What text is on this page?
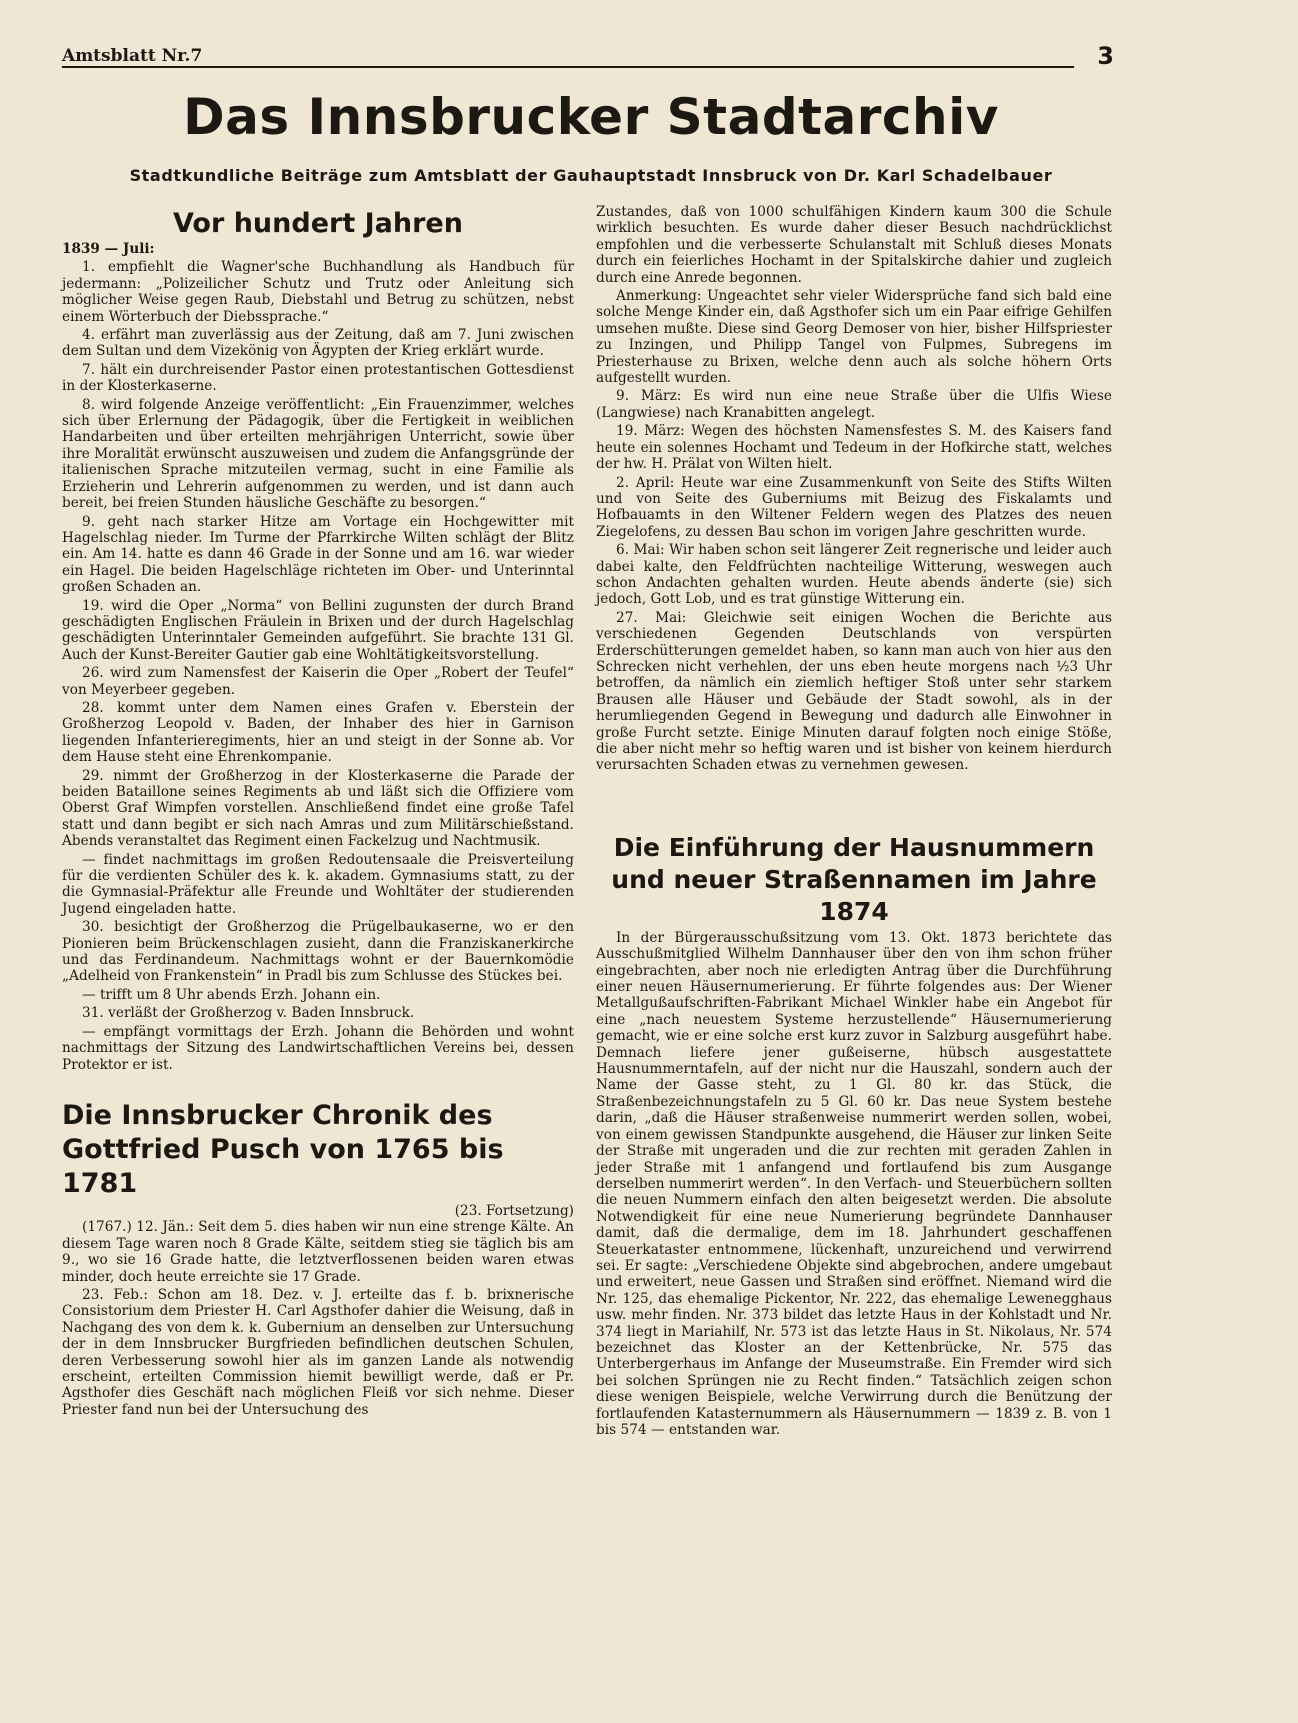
Amtsblatt Nr.7	3
Das Innsbrucker Stadtarchiv
Stadtkundliche Beiträge zum Amtsblatt der Gauhauptstadt Innsbruck von Dr. Karl Schadelbauer
Vor hundert Jahren
1839 — Juli:

1. empfiehlt die Wagner'sche Buchhandlung als Handbuch für jedermann: „Polizeilicher Schutz und Trutz oder Anleitung sich möglicher Weise gegen Raub, Diebstahl und Betrug zu schützen, nebst einem Wörterbuch der Diebssprache.“

4. erfährt man zuverlässig aus der Zeitung, daß am 7. Juni zwischen dem Sultan und dem Vizekönig von Ägypten der Krieg erklärt wurde.

7. hält ein durchreisender Pastor einen protestantischen Gottesdienst in der Klosterkaserne.

8. wird folgende Anzeige veröffentlicht: „Ein Frauenzimmer, welches sich über Erlernung der Pädagogik, über die Fertigkeit in weiblichen Handarbeiten und über erteilten mehrjährigen Unterricht, sowie über ihre Moralität erwünscht auszuweisen und zudem die Anfangsgründe der italienischen Sprache mitzuteilen vermag, sucht in eine Familie als Erzieherin und Lehrerin aufgenommen zu werden, und ist dann auch bereit, bei freien Stunden häusliche Geschäfte zu besorgen.“

9. geht nach starker Hitze am Vortage ein Hochgewitter mit Hagelschlag nieder. Im Turme der Pfarrkirche Wilten schlägt der Blitz ein. Am 14. hatte es dann 46 Grade in der Sonne und am 16. war wieder ein Hagel. Die beiden Hagelschläge richteten im Ober- und Unterinntal großen Schaden an.

19. wird die Oper „Norma“ von Bellini zugunsten der durch Brand geschädigten Englischen Fräulein in Brixen und der durch Hagelschlag geschädigten Unterinntaler Gemeinden aufgeführt. Sie brachte 131 Gl. Auch der Kunst-Bereiter Gautier gab eine Wohltätigkeitsvorstellung.

26. wird zum Namensfest der Kaiserin die Oper „Robert der Teufel“ von Meyerbeer gegeben.

28. kommt unter dem Namen eines Grafen v. Eberstein der Großherzog Leopold v. Baden, der Inhaber des hier in Garnison liegenden Infanterieregiments, hier an und steigt in der Sonne ab. Vor dem Hause steht eine Ehrenkompanie.

29. nimmt der Großherzog in der Klosterkaserne die Parade der beiden Bataillone seines Regiments ab und läßt sich die Offiziere vom Oberst Graf Wimpfen vorstellen. Anschließend findet eine große Tafel statt und dann begibt er sich nach Amras und zum Militärschießstand. Abends veranstaltet das Regiment einen Fackelzug und Nachtmusik.

— findet nachmittags im großen Redoutensaale die Preisverteilung für die verdienten Schüler des k. k. akadem. Gymnasiums statt, zu der die Gymnasial-Präfektur alle Freunde und Wohltäter der studierenden Jugend eingeladen hatte.

30. besichtigt der Großherzog die Prügelbaukaserne, wo er den Pionieren beim Brückenschlagen zusieht, dann die Franziskanerkirche und das Ferdinandeum. Nachmittags wohnt er der Bauernkomödie „Adelheid von Frankenstein“ in Pradl bis zum Schlusse des Stückes bei.

— trifft um 8 Uhr abends Erzh. Johann ein.

31. verläßt der Großherzog v. Baden Innsbruck.

— empfängt vormittags der Erzh. Johann die Behörden und wohnt nachmittags der Sitzung des Landwirtschaftlichen Vereins bei, dessen Protektor er ist.

Die Innsbrucker Chronik des
Gottfried Pusch von 1765 bis 1781
(23. Fortsetzung)

(1767.) 12. Jän.: Seit dem 5. dies haben wir nun eine strenge Kälte. An diesem Tage waren noch 8 Grade Kälte, seitdem stieg sie täglich bis am 9., wo sie 16 Grade hatte, die letztverflossenen beiden waren etwas minder, doch heute erreichte sie 17 Grade.

23. Feb.: Schon am 18. Dez. v. J. erteilte das f. b. brixnerische Consistorium dem Priester H. Carl Agsthofer dahier die Weisung, daß in Nachgang des von dem k. k. Gubernium an denselben zur Untersuchung der in dem Innsbrucker Burgfrieden befindlichen deutschen Schulen, deren Verbesserung sowohl hier als im ganzen Lande als notwendig erscheint, erteilten Commission hiemit bewilligt werde, daß er Pr. Agsthofer dies Geschäft nach möglichen Fleiß vor sich nehme. Dieser Priester fand nun bei der Untersuchung des

Zustandes, daß von 1000 schulfähigen Kindern kaum 300 die Schule wirklich besuchten. Es wurde daher dieser Besuch nachdrücklichst empfohlen und die verbesserte Schulanstalt mit Schluß dieses Monats durch ein feierliches Hochamt in der Spitalskirche dahier und zugleich durch eine Anrede begonnen.

Anmerkung: Ungeachtet sehr vieler Widersprüche fand sich bald eine solche Menge Kinder ein, daß Agsthofer sich um ein Paar eifrige Gehilfen umsehen mußte. Diese sind Georg Demoser von hier, bisher Hilfspriester zu Inzingen, und Philipp Tangel von Fulpmes, Subregens im Priesterhause zu Brixen, welche denn auch als solche höhern Orts aufgestellt wurden.

9. März: Es wird nun eine neue Straße über die Ulfis Wiese (Langwiese) nach Kranabitten angelegt.

19. März: Wegen des höchsten Namensfestes S. M. des Kaisers fand heute ein solennes Hochamt und Tedeum in der Hofkirche statt, welches der hw. H. Prälat von Wilten hielt.

2. April: Heute war eine Zusammenkunft von Seite des Stifts Wilten und von Seite des Guberniums mit Beizug des Fiskalamts und Hofbauamts in den Wiltener Feldern wegen des Platzes des neuen Ziegelofens, zu dessen Bau schon im vorigen Jahre geschritten wurde.

6. Mai: Wir haben schon seit längerer Zeit regnerische und leider auch dabei kalte, den Feldfrüchten nachteilige Witterung, weswegen auch schon Andachten gehalten wurden. Heute abends änderte (sie) sich jedoch, Gott Lob, und es trat günstige Witterung ein.

27. Mai: Gleichwie seit einigen Wochen die Berichte aus verschiedenen Gegenden Deutschlands von verspürten Erderschütterungen gemeldet haben, so kann man auch von hier aus den Schrecken nicht verhehlen, der uns eben heute morgens nach ½3 Uhr betroffen, da nämlich ein ziemlich heftiger Stoß unter sehr starkem Brausen alle Häuser und Gebäude der Stadt sowohl, als in der herumliegenden Gegend in Bewegung und dadurch alle Einwohner in große Furcht setzte. Einige Minuten darauf folgten noch einige Stöße, die aber nicht mehr so heftig waren und ist bisher von keinem hierdurch verursachten Schaden etwas zu vernehmen gewesen.

Die Einführung der Hausnummern
und neuer Straßennamen im Jahre 1874

In der Bürgerausschußsitzung vom 13. Okt. 1873 berichtete das Ausschußmitglied Wilhelm Dannhauser über den von ihm schon früher eingebrachten, aber noch nie erledigten Antrag über die Durchführung einer neuen Häusernumerierung. Er führte folgendes aus: Der Wiener Metallgußaufschriften-Fabrikant Michael Winkler habe ein Angebot für eine „nach neuestem Systeme herzustellende“ Häusernumerierung gemacht, wie er eine solche erst kurz zuvor in Salzburg ausgeführt habe. Demnach liefere jener gußeiserne, hübsch ausgestattete Hausnummerntafeln, auf der nicht nur die Hauszahl, sondern auch der Name der Gasse steht, zu 1 Gl. 80 kr. das Stück, die Straßenbezeichnungstafeln zu 5 Gl. 60 kr. Das neue System bestehe darin, „daß die Häuser straßenweise nummerirt werden sollen, wobei, von einem gewissen Standpunkte ausgehend, die Häuser zur linken Seite der Straße mit ungeraden und die zur rechten mit geraden Zahlen in jeder Straße mit 1 anfangend und fortlaufend bis zum Ausgange derselben nummerirt werden“. In den Verfach- und Steuerbüchern sollten die neuen Nummern einfach den alten beigesetzt werden. Die absolute Notwendigkeit für eine neue Numerierung begründete Dannhauser damit, daß die dermalige, dem im 18. Jahrhundert geschaffenen Steuerkataster entnommene, lückenhaft, unzureichend und verwirrend sei. Er sagte: „Verschiedene Objekte sind abgebrochen, andere umgebaut und erweitert, neue Gassen und Straßen sind eröffnet. Niemand wird die Nr. 125, das ehemalige Pickentor, Nr. 222, das ehemalige Lewenegghaus usw. mehr finden. Nr. 373 bildet das letzte Haus in der Kohlstadt und Nr. 374 liegt in Mariahilf, Nr. 573 ist das letzte Haus in St. Nikolaus, Nr. 574 bezeichnet das Kloster an der Kettenbrücke, Nr. 575 das Unterbergerhaus im Anfange der Museumstraße. Ein Fremder wird sich bei solchen Sprüngen nie zu Recht finden.“ Tatsächlich zeigen schon diese wenigen Beispiele, welche Verwirrung durch die Benützung der fortlaufenden Katasternummern als Häusernummern — 1839 z. B. von 1 bis 574 — entstanden war.
